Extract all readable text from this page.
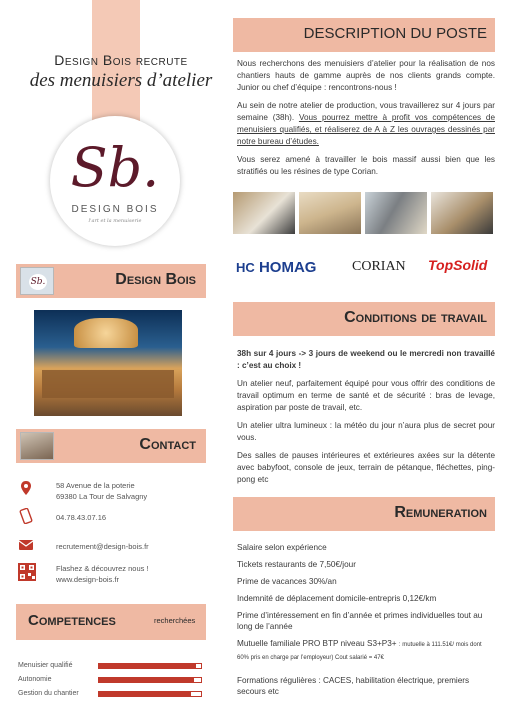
Design Bois recrute
des menuisiers d’atelier
Sb.
DESIGN BOIS
l'art et la menuiserie
DESCRIPTION DU POSTE

Nous recherchons des menuisiers d’atelier pour la réalisation de nos chantiers hauts de gamme auprès de nos clients grands compte. Junior ou chef d’équipe : rencontrons-nous !

Au sein de notre atelier de production, vous travaillerez sur 4 jours par semaine (38h). Vous pourrez mettre à profit vos compétences de menuisiers qualifiés, et réaliserez de A à Z les ouvrages dessinés par notre bureau d’études.

Vous serez amené à travailler le bois massif aussi bien que les stratifiés ou les résines de type Corian.

HC HOMAG	CORIAN TopSolid
Sb.	Design Bois
Conditions de travail

38h sur 4 jours -> 3 jours de weekend ou le mercredi non travaillé : c’est au choix !

Un atelier neuf, parfaitement équipé pour vous offrir des conditions de travail optimum en terme de santé et de sécurité : bras de levage, aspiration par poste de travail, etc.

Un atelier ultra lumineux : la météo du jour n’aura plus de secret pour vous.

Des salles de pauses intérieures et extérieures axées sur la détente avec babyfoot, console de jeux, terrain de pétanque, fléchettes, ping-pong etc

Contact
58 Avenue de la poterie
69380 La Tour de Salvagny
04.78.43.07.16
recrutement@design-bois.fr
Flashez & découvrez nous !
www.design-bois.fr
Remuneration
Salaire selon expérience
Tickets restaurants de 7,50€/jour
Prime de vacances 30%/an
Indemnité de déplacement domicile-entrepris 0,12€/km
Prime d’intéressement en fin d’année et primes individuelles tout au long de l’année
Mutuelle familiale PRO BTP niveau S3+P3+ : mutuelle à 111.51€/ mois dont 60% pris en charge par l’employeur) Cout salarié = 47€
Formations régulières : CACES, habilitation électrique, premiers secours etc
Competences	recherchées
Menuisier qualifié
Autonomie
Gestion du chantier
